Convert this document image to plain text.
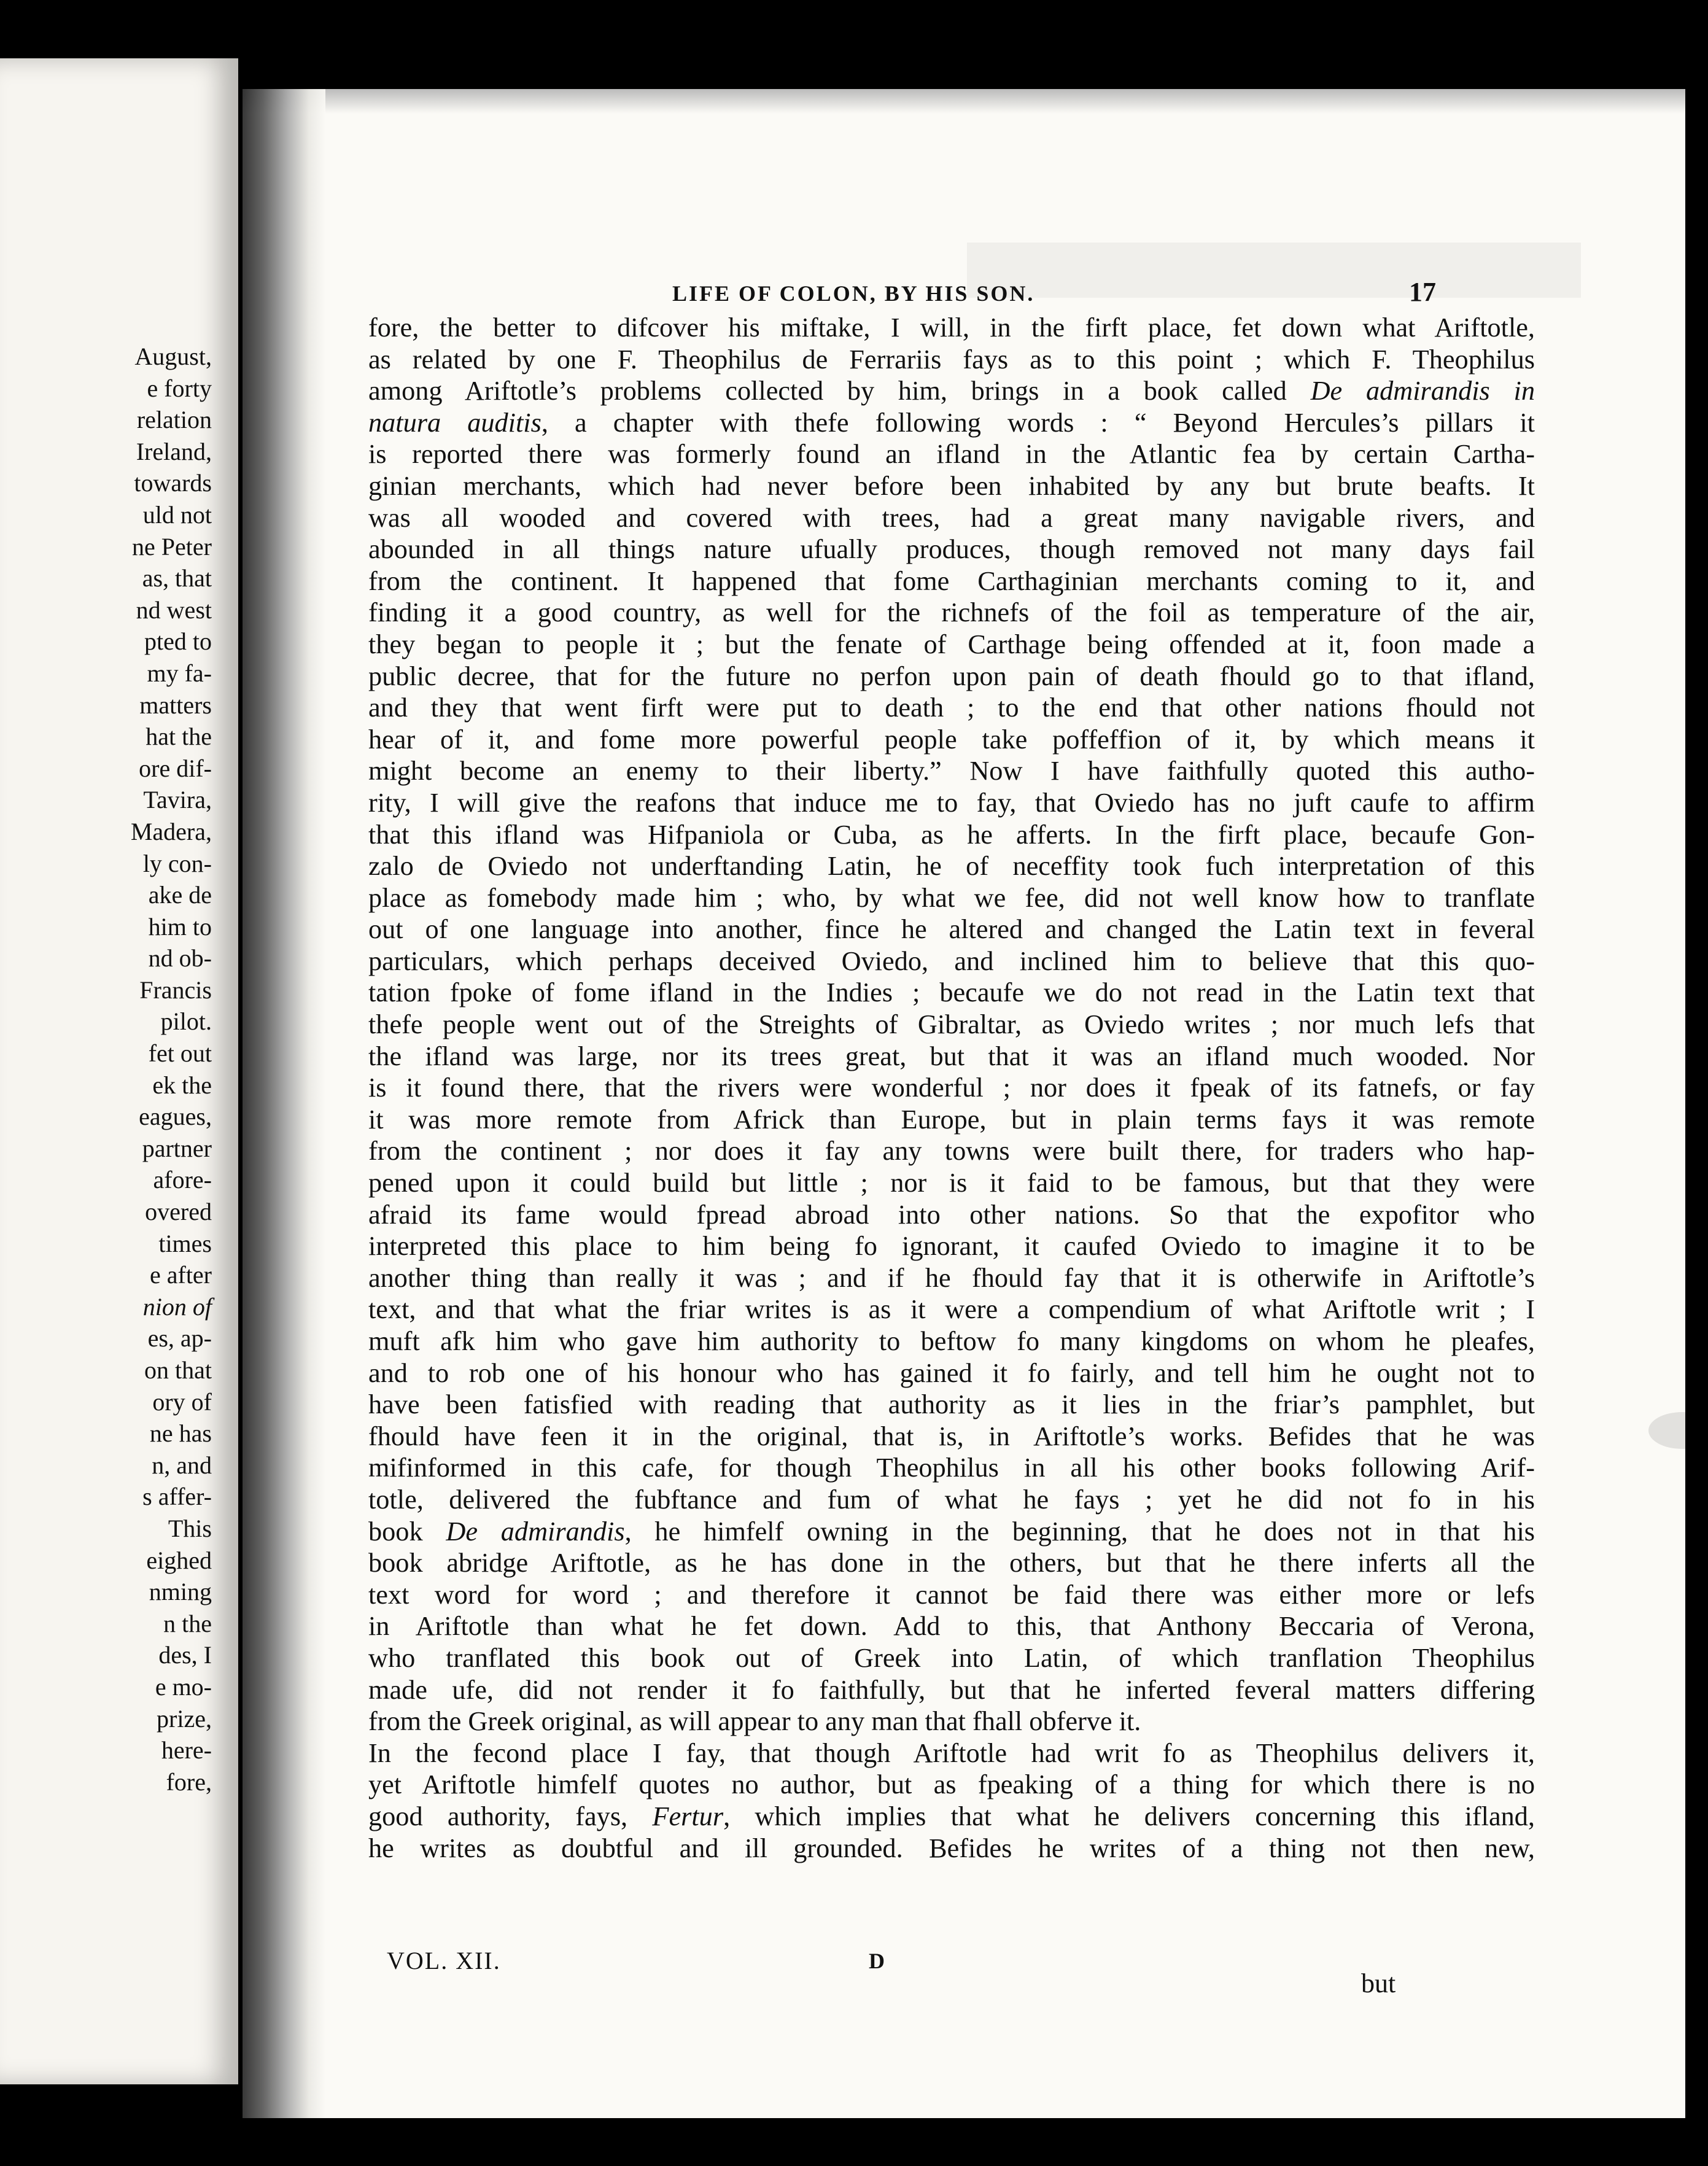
August,
e forty
relation
Ireland,
towards
uld not
ne Peter
as, that
nd west
pted to
my fa-
matters
hat the
ore dif-
Tavira,
Madera,
ly con-
ake de
him to
nd ob-
Francis
pilot.
fet out
ek the
eagues,
partner
afore-
overed
times
e after
nion of
es, ap-
on that
ory of
ne has
n, and
s affer-
This
eighed
nming
n the
des, I
e mo-
prize,
here-
fore,
LIFE OF COLON, BY HIS SON.	17
fore, the better to difcover his miftake, I will, in the firft place, fet down what Ariftotle,
as related by one F. Theophilus de Ferrariis fays as to this point ; which F. Theophilus
among Ariftotle’s problems collected by him, brings in a book called De admirandis in
natura auditis, a chapter with thefe following words : “ Beyond Hercules’s pillars it
is reported there was formerly found an ifland in the Atlantic fea by certain Cartha-
ginian merchants, which had never before been inhabited by any but brute beafts. It
was all wooded and covered with trees, had a great many navigable rivers, and
abounded in all things nature ufually produces, though removed not many days fail
from the continent. It happened that fome Carthaginian merchants coming to it, and
finding it a good country, as well for the richnefs of the foil as temperature of the air,
they began to people it ; but the fenate of Carthage being offended at it, foon made a
public decree, that for the future no perfon upon pain of death fhould go to that ifland,
and they that went firft were put to death ; to the end that other nations fhould not
hear of it, and fome more powerful people take poffeffion of it, by which means it
might become an enemy to their liberty.” Now I have faithfully quoted this autho-
rity, I will give the reafons that induce me to fay, that Oviedo has no juft caufe to affirm
that this ifland was Hifpaniola or Cuba, as he afferts. In the firft place, becaufe Gon-
zalo de Oviedo not underftanding Latin, he of neceffity took fuch interpretation of this
place as fomebody made him ; who, by what we fee, did not well know how to tranflate
out of one language into another, fince he altered and changed the Latin text in feveral
particulars, which perhaps deceived Oviedo, and inclined him to believe that this quo-
tation fpoke of fome ifland in the Indies ; becaufe we do not read in the Latin text that
thefe people went out of the Streights of Gibraltar, as Oviedo writes ; nor much lefs that
the ifland was large, nor its trees great, but that it was an ifland much wooded. Nor
is it found there, that the rivers were wonderful ; nor does it fpeak of its fatnefs, or fay
it was more remote from Africk than Europe, but in plain terms fays it was remote
from the continent ; nor does it fay any towns were built there, for traders who hap-
pened upon it could build but little ; nor is it faid to be famous, but that they were
afraid its fame would fpread abroad into other nations. So that the expofitor who
interpreted this place to him being fo ignorant, it caufed Oviedo to imagine it to be
another thing than really it was ; and if he fhould fay that it is otherwife in Ariftotle’s
text, and that what the friar writes is as it were a compendium of what Ariftotle writ ; I
muft afk him who gave him authority to beftow fo many kingdoms on whom he pleafes,
and to rob one of his honour who has gained it fo fairly, and tell him he ought not to
have been fatisfied with reading that authority as it lies in the friar’s pamphlet, but
fhould have feen it in the original, that is, in Ariftotle’s works. Befides that he was
mifinformed in this cafe, for though Theophilus in all his other books following Arif-
totle, delivered the fubftance and fum of what he fays ; yet he did not fo in his
book De admirandis, he himfelf owning in the beginning, that he does not in that his
book abridge Ariftotle, as he has done in the others, but that he there inferts all the
text word for word ; and therefore it cannot be faid there was either more or lefs
in Ariftotle than what he fet down. Add to this, that Anthony Beccaria of Verona,
who tranflated this book out of Greek into Latin, of which tranflation Theophilus
made ufe, did not render it fo faithfully, but that he inferted feveral matters differing
from the Greek original, as will appear to any man that fhall obferve it.
In the fecond place I fay, that though Ariftotle had writ fo as Theophilus delivers it,
yet Ariftotle himfelf quotes no author, but as fpeaking of a thing for which there is no
good authority, fays, Fertur, which implies that what he delivers concerning this ifland,
he writes as doubtful and ill grounded. Befides he writes of a thing not then new,
VOL. XII.	D
but
